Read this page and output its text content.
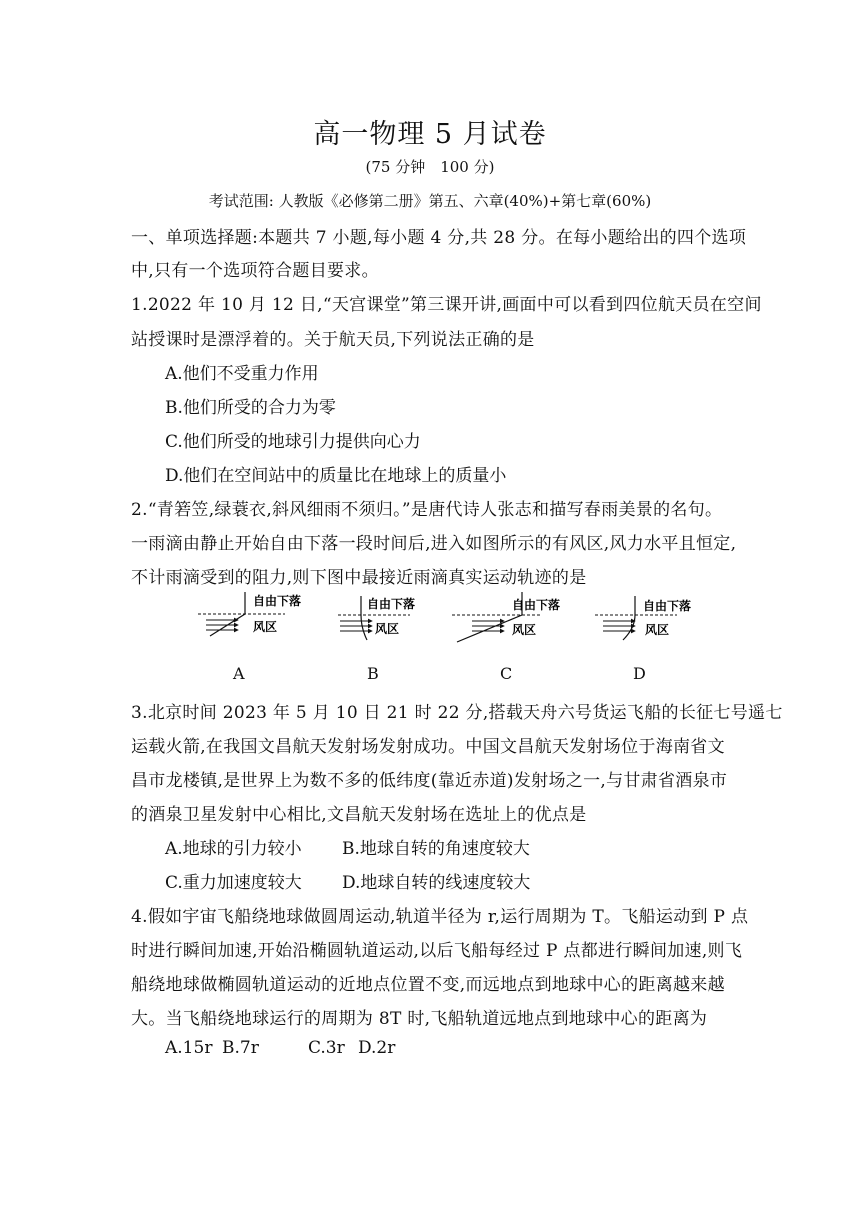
高一物理 5 月试卷
(75 分钟　100 分)
考试范围: 人教版《必修第二册》第五、六章(40%)+第七章(60%)
一、单项选择题:本题共 7 小题,每小题 4 分,共 28 分。在每小题给出的四个选项
中,只有一个选项符合题目要求。
1.2022 年 10 月 12 日,“天宫课堂”第三课开讲,画面中可以看到四位航天员在空间
站授课时是漂浮着的。关于航天员,下列说法正确的是
A.他们不受重力作用
B.他们所受的合力为零
C.他们所受的地球引力提供向心力
D.他们在空间站中的质量比在地球上的质量小
2.“青箬笠,绿蓑衣,斜风细雨不须归。”是唐代诗人张志和描写春雨美景的名句。
一雨滴由静止开始自由下落一段时间后,进入如图所示的有风区,风力水平且恒定,
不计雨滴受到的阻力,则下图中最接近雨滴真实运动轨迹的是
自由下落
风区
自由下落
风区
自由下落
风区
自由下落
风区
A	B	C	D
3.北京时间 2023 年 5 月 10 日 21 时 22 分,搭载天舟六号货运飞船的长征七号遥七
运载火箭,在我国文昌航天发射场发射成功。中国文昌航天发射场位于海南省文
昌市龙楼镇,是世界上为数不多的低纬度(靠近赤道)发射场之一,与甘肃省酒泉市
的酒泉卫星发射中心相比,文昌航天发射场在选址上的优点是
A.地球的引力较小 B.地球自转的角速度较大
C.重力加速度较大 D.地球自转的线速度较大
4.假如宇宙飞船绕地球做圆周运动,轨道半径为 r,运行周期为 T。飞船运动到 P 点
时进行瞬间加速,开始沿椭圆轨道运动,以后飞船每经过 P 点都进行瞬间加速,则飞
船绕地球做椭圆轨道运动的近地点位置不变,而远地点到地球中心的距离越来越
大。当飞船绕地球运行的周期为 8T 时,飞船轨道远地点到地球中心的距离为
A.15r B.7r	C.3r D.2r
